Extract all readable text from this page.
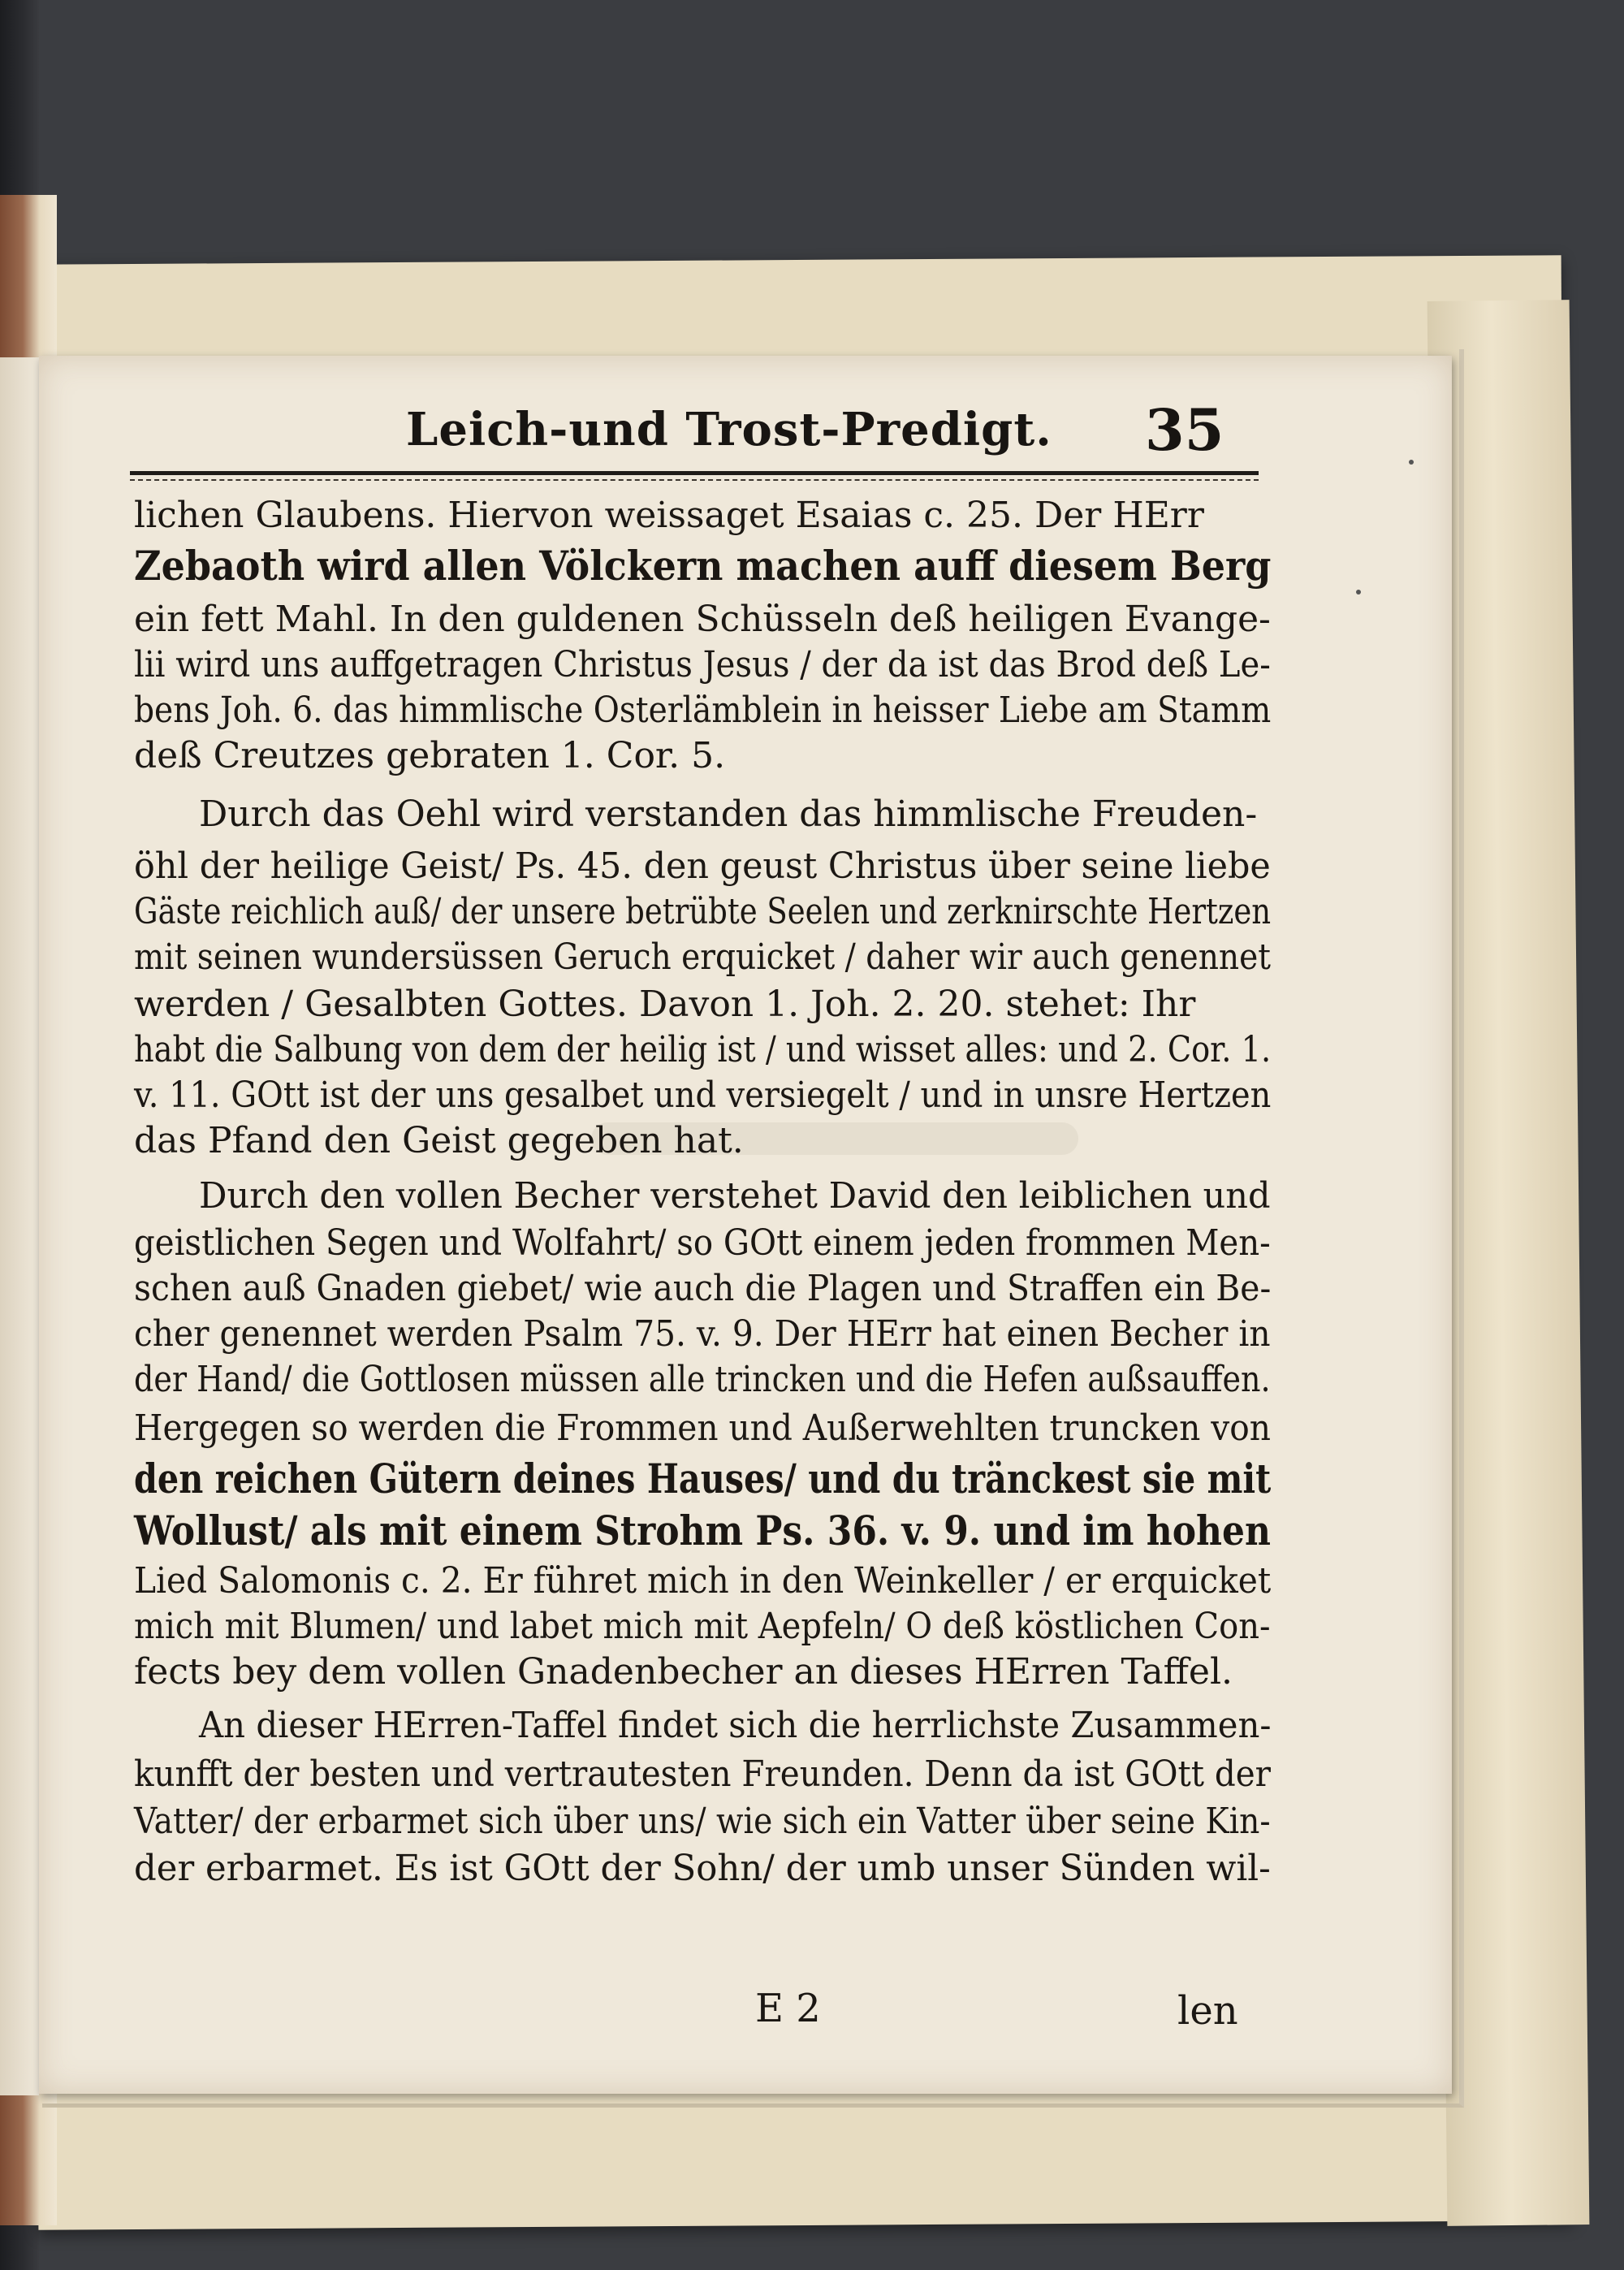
Leich-und Trost-Predigt. 35
lichen Glaubens. Hiervon weissaget Esaias c. 25. Der HErr
Zebaoth wird allen Völckern machen auff diesem Berg
ein fett Mahl. In den guldenen Schüsseln deß heiligen Evange-
lii wird uns auffgetragen Christus Jesus / der da ist das Brod deß Le-
bens Joh. 6. das himmlische Osterlämblein in heisser Liebe am Stamm
deß Creutzes gebraten 1. Cor. 5.
Durch das Oehl wird verstanden das himmlische Freuden-
öhl der heilige Geist/ Ps. 45. den geust Christus über seine liebe
Gäste reichlich auß/ der unsere betrübte Seelen und zerknirschte Hertzen
mit seinen wundersüssen Geruch erquicket / daher wir auch genennet
werden / Gesalbten Gottes. Davon 1. Joh. 2. 20. stehet: Ihr
habt die Salbung von dem der heilig ist / und wisset alles: und 2. Cor. 1.
v. 11. GOtt ist der uns gesalbet und versiegelt / und in unsre Hertzen
das Pfand den Geist gegeben hat.
Durch den vollen Becher verstehet David den leiblichen und
geistlichen Segen und Wolfahrt/ so GOtt einem jeden frommen Men-
schen auß Gnaden giebet/ wie auch die Plagen und Straffen ein Be-
cher genennet werden Psalm 75. v. 9. Der HErr hat einen Becher in
der Hand/ die Gottlosen müssen alle trincken und die Hefen außsauffen.
Hergegen so werden die Frommen und Außerwehlten truncken von
den reichen Gütern deines Hauses/ und du tränckest sie mit
Wollust/ als mit einem Strohm Ps. 36. v. 9. und im hohen
Lied Salomonis c. 2. Er führet mich in den Weinkeller / er erquicket
mich mit Blumen/ und labet mich mit Aepfeln/ O deß köstlichen Con-
fects bey dem vollen Gnadenbecher an dieses HErren Taffel.
An dieser HErren-Taffel findet sich die herrlichste Zusammen-
kunfft der besten und vertrautesten Freunden. Denn da ist GOtt der
Vatter/ der erbarmet sich über uns/ wie sich ein Vatter über seine Kin-
der erbarmet. Es ist GOtt der Sohn/ der umb unser Sünden wil-
E 2	len
